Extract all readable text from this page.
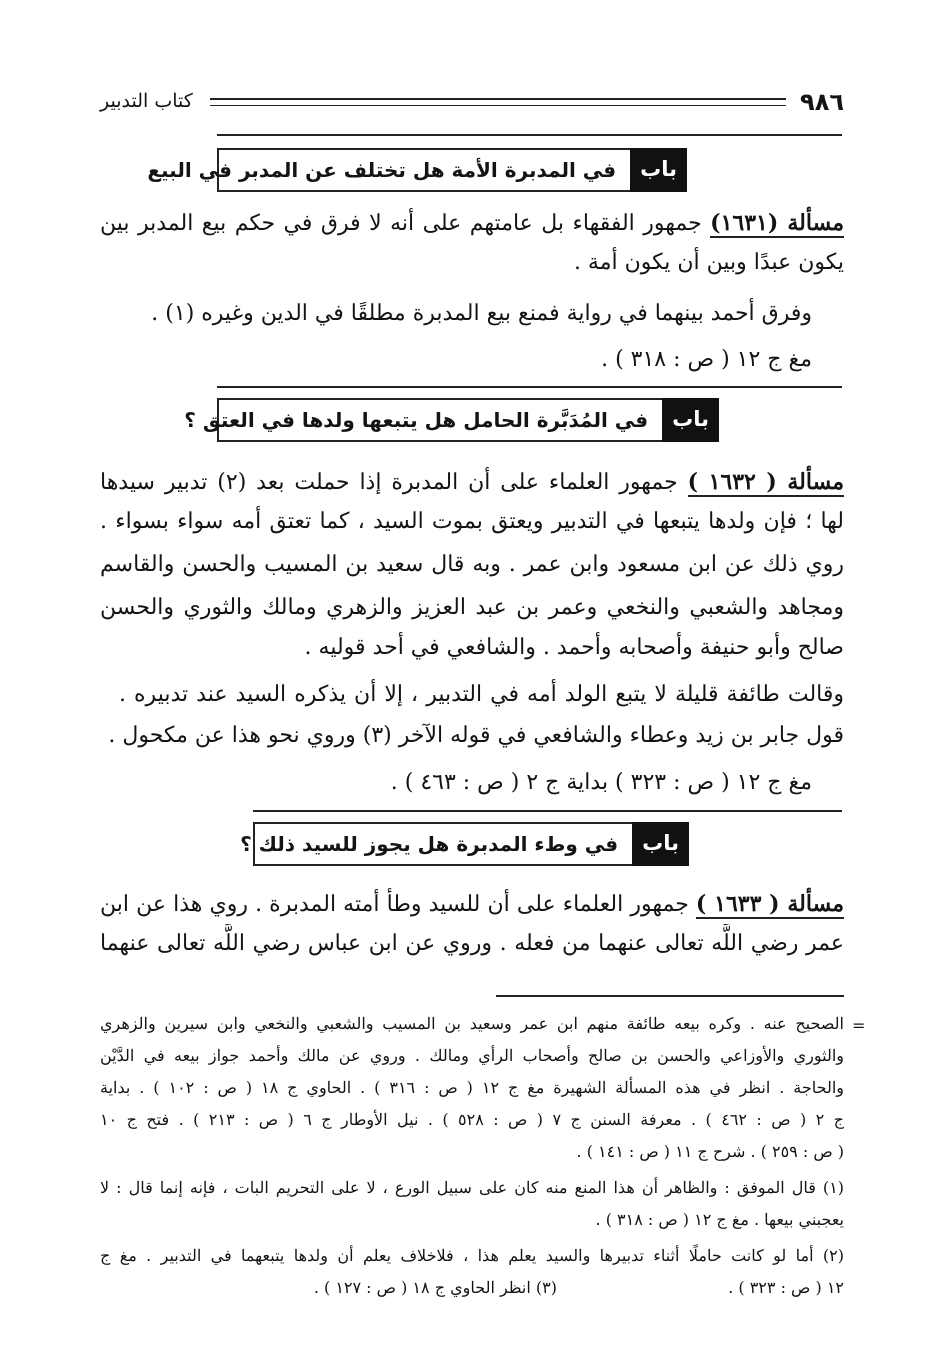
٩٨٦
كتاب التدبير
باب
في المدبرة الأمة هل تختلف عن المدبر في البيع
مسألة (١٦٣١) جمهور الفقهاء بل عامتهم على أنه لا فرق في حكم بيع المدبر بين
يكون عبدًا وبين أن يكون أمة .
وفرق أحمد بينهما في رواية فمنع بيع المدبرة مطلقًا في الدين وغيره (١) .
مغ ج ١٢ ( ص : ٣١٨ ) .
باب
في المُدَبَّرة الحامل هل يتبعها ولدها في العتق ؟
مسألة ( ١٦٣٢ ) جمهور العلماء على أن المدبرة إذا حملت بعد (٢) تدبير سيدها
لها ؛ فإن ولدها يتبعها في التدبير ويعتق بموت السيد ، كما تعتق أمه سواء بسواء .
روي ذلك عن ابن مسعود وابن عمر . وبه قال سعيد بن المسيب والحسن والقاسم
ومجاهد والشعبي والنخعي وعمر بن عبد العزيز والزهري ومالك والثوري والحسن
صالح وأبو حنيفة وأصحابه وأحمد . والشافعي في أحد قوليه .
وقالت طائفة قليلة لا يتبع الولد أمه في التدبير ، إلا أن يذكره السيد عند تدبيره .
قول جابر بن زيد وعطاء والشافعي في قوله الآخر (٣) وروي نحو هذا عن مكحول .
مغ ج ١٢ ( ص : ٣٢٣ ) بداية ج ٢ ( ص : ٤٦٣ ) .
باب
في وطء المدبرة هل يجوز للسيد ذلك ؟
مسألة ( ١٦٣٣ ) جمهور العلماء على أن للسيد وطأ أمته المدبرة . روي هذا عن ابن
عمر رضي اللَّه تعالى عنهما من فعله . وروي عن ابن عباس رضي اللَّه تعالى عنهما
=
الصحيح عنه . وكره بيعه طائفة منهم ابن عمر وسعيد بن المسيب والشعبي والنخعي وابن سيرين والزهري
والثوري والأوزاعي والحسن بن صالح وأصحاب الرأي ومالك . وروي عن مالك وأحمد جواز بيعه في الدَّيْن
والحاجة . انظر في هذه المسألة الشهيرة مغ ج ١٢ ( ص : ٣١٦ ) . الحاوي ج ١٨ ( ص : ١٠٢ ) . بداية
ج ٢ ( ص : ٤٦٢ ) . معرفة السنن ج ٧ ( ص : ٥٢٨ ) . نيل الأوطار ج ٦ ( ص : ٢١٣ ) . فتح ج ١٠
( ص : ٢٥٩ ) . شرح ج ١١ ( ص : ١٤١ ) .
(١) قال الموفق : والظاهر أن هذا المنع منه كان على سبيل الورع ، لا على التحريم البات ، فإنه إنما قال : لا
يعجبني بيعها . مغ ج ١٢ ( ص : ٣١٨ ) .
(٢) أما لو كانت حاملًا أثناء تدبيرها والسيد يعلم هذا ، فلاخلاف يعلم أن ولدها يتبعهما في التدبير . مغ ج
١٢ ( ص : ٣٢٣ ) .
(٣) انظر الحاوي ج ١٨ ( ص : ١٢٧ ) .
